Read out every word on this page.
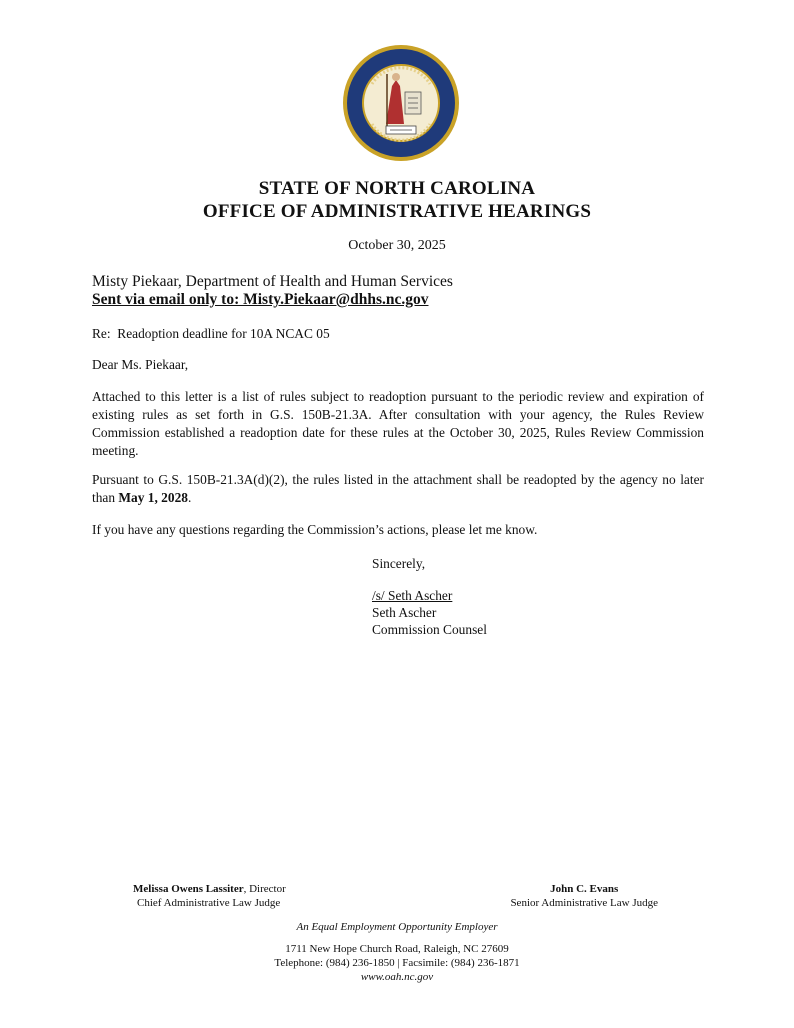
STATE OF NORTH CAROLINA
OFFICE OF ADMINISTRATIVE HEARINGS
October 30, 2025
Misty Piekaar, Department of Health and Human Services
Sent via email only to: Misty.Piekaar@dhhs.nc.gov
Re:  Readoption deadline for 10A NCAC 05
Dear Ms. Piekaar,
Attached to this letter is a list of rules subject to readoption pursuant to the periodic review and expiration of existing rules as set forth in G.S. 150B-21.3A. After consultation with your agency, the Rules Review Commission established a readoption date for these rules at the October 30, 2025, Rules Review Commission meeting.
Pursuant to G.S. 150B-21.3A(d)(2), the rules listed in the attachment shall be readopted by the agency no later than May 1, 2028.
If you have any questions regarding the Commission’s actions, please let me know.
Sincerely,
/s/ Seth Ascher
Seth Ascher
Commission Counsel
Melissa Owens Lassiter, Director
Chief Administrative Law Judge
John C. Evans
Senior Administrative Law Judge
An Equal Employment Opportunity Employer
1711 New Hope Church Road, Raleigh, NC 27609
Telephone: (984) 236-1850 | Facsimile: (984) 236-1871
www.oah.nc.gov
